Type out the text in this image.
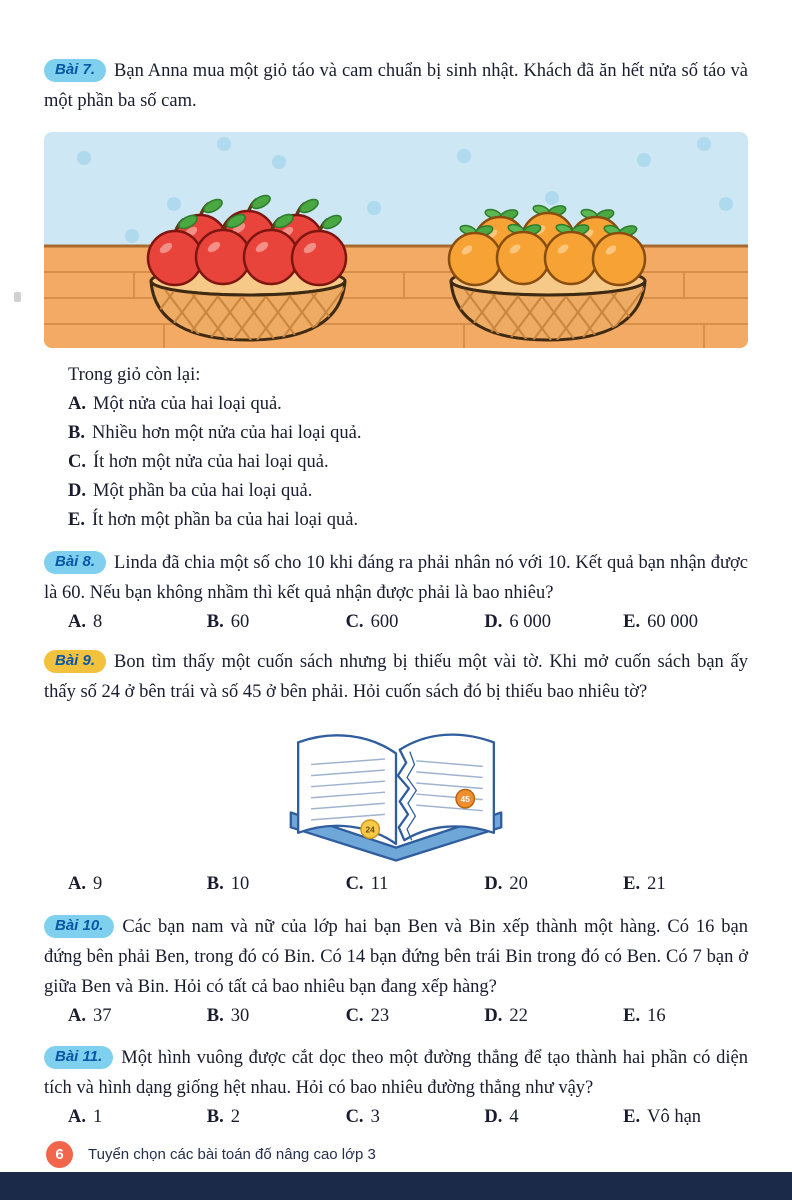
Bài 7. Bạn Anna mua một giỏ táo và cam chuẩn bị sinh nhật. Khách đã ăn hết nửa số táo và một phần ba số cam.

Trong giỏ còn lại:

A. Một nửa của hai loại quả.
B. Nhiều hơn một nửa của hai loại quả.
C. Ít hơn một nửa của hai loại quả.
D. Một phần ba của hai loại quả.
E. Ít hơn một phần ba của hai loại quả.

Bài 8. Linda đã chia một số cho 10 khi đáng ra phải nhân nó với 10. Kết quả bạn nhận được là 60. Nếu bạn không nhầm thì kết quả nhận được phải là bao nhiêu?

A. 8	B. 60	C. 600	D. 6 000	E. 60 000

Bài 9. Bon tìm thấy một cuốn sách nhưng bị thiếu một vài tờ. Khi mở cuốn sách bạn ấy thấy số 24 ở bên trái và số 45 ở bên phải. Hỏi cuốn sách đó bị thiếu bao nhiêu tờ?

24
45
A. 9	B. 10	C. 11	D. 20	E. 21

Bài 10. Các bạn nam và nữ của lớp hai bạn Ben và Bin xếp thành một hàng. Có 16 bạn đứng bên phải Ben, trong đó có Bin. Có 14 bạn đứng bên trái Bin trong đó có Ben. Có 7 bạn ở giữa Ben và Bin. Hỏi có tất cả bao nhiêu bạn đang xếp hàng?

A. 37	B. 30	C. 23	D. 22	E. 16

Bài 11. Một hình vuông được cắt dọc theo một đường thẳng để tạo thành hai phần có diện tích và hình dạng giống hệt nhau. Hỏi có bao nhiêu đường thẳng như vậy?

A. 1	B. 2	C. 3	D. 4	E. Vô hạn
6	Tuyển chọn các bài toán đố nâng cao lớp 3
